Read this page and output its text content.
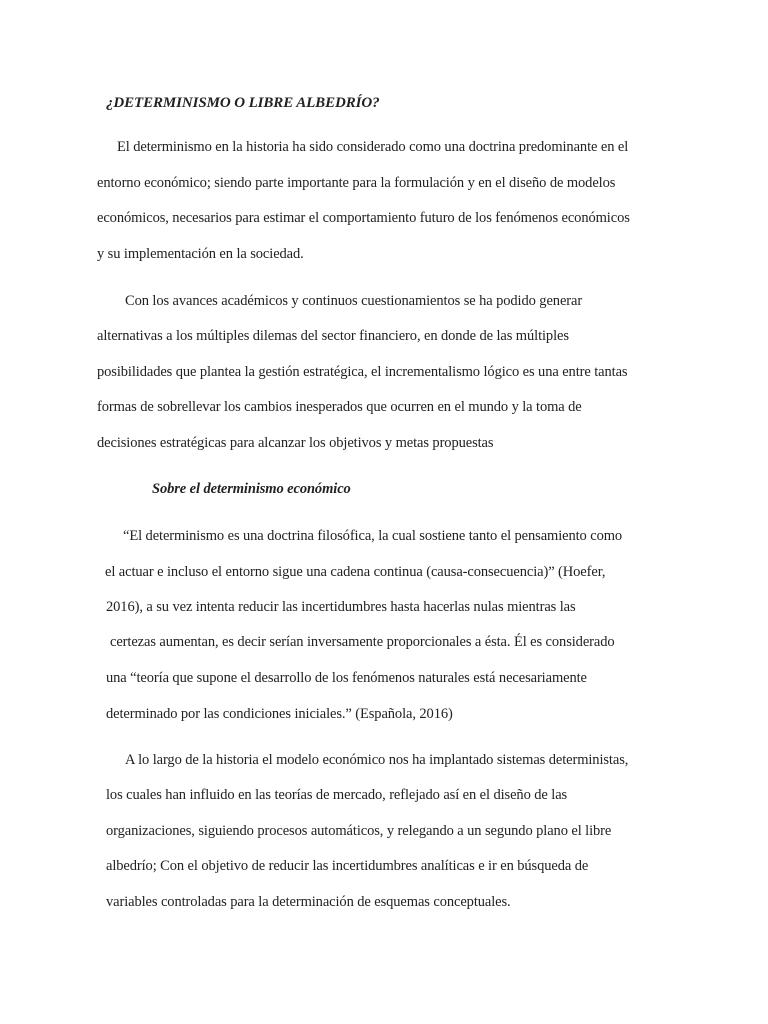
¿DETERMINISMO O LIBRE ALBEDRÍO?
El determinismo en la historia ha sido considerado como una doctrina predominante en el
entorno económico; siendo parte importante para la formulación y en el diseño de modelos
económicos, necesarios para estimar el comportamiento futuro de los fenómenos económicos
y su implementación en la sociedad.
Con los avances académicos y continuos cuestionamientos se ha podido generar
alternativas a los múltiples dilemas del sector financiero, en donde de las múltiples
posibilidades que plantea la gestión estratégica, el incrementalismo lógico es una entre tantas
formas de sobrellevar los cambios inesperados que ocurren en el mundo y la toma de
decisiones estratégicas para alcanzar los objetivos y metas propuestas
Sobre el determinismo económico
“El determinismo es una doctrina filosófica, la cual sostiene tanto el pensamiento como
el actuar e incluso el entorno sigue una cadena continua (causa-consecuencia)” (Hoefer,
2016), a su vez intenta reducir las incertidumbres hasta hacerlas nulas mientras las
certezas aumentan, es decir serían inversamente proporcionales a ésta. Él es considerado
una “teoría que supone el desarrollo de los fenómenos naturales está necesariamente
determinado por las condiciones iniciales.” (Española, 2016)
A lo largo de la historia el modelo económico nos ha implantado sistemas deterministas,
los cuales han influido en las teorías de mercado, reflejado así en el diseño de las
organizaciones, siguiendo procesos automáticos, y relegando a un segundo plano el libre
albedrío; Con el objetivo de reducir las incertidumbres analíticas e ir en búsqueda de
variables controladas para la determinación de esquemas conceptuales.
